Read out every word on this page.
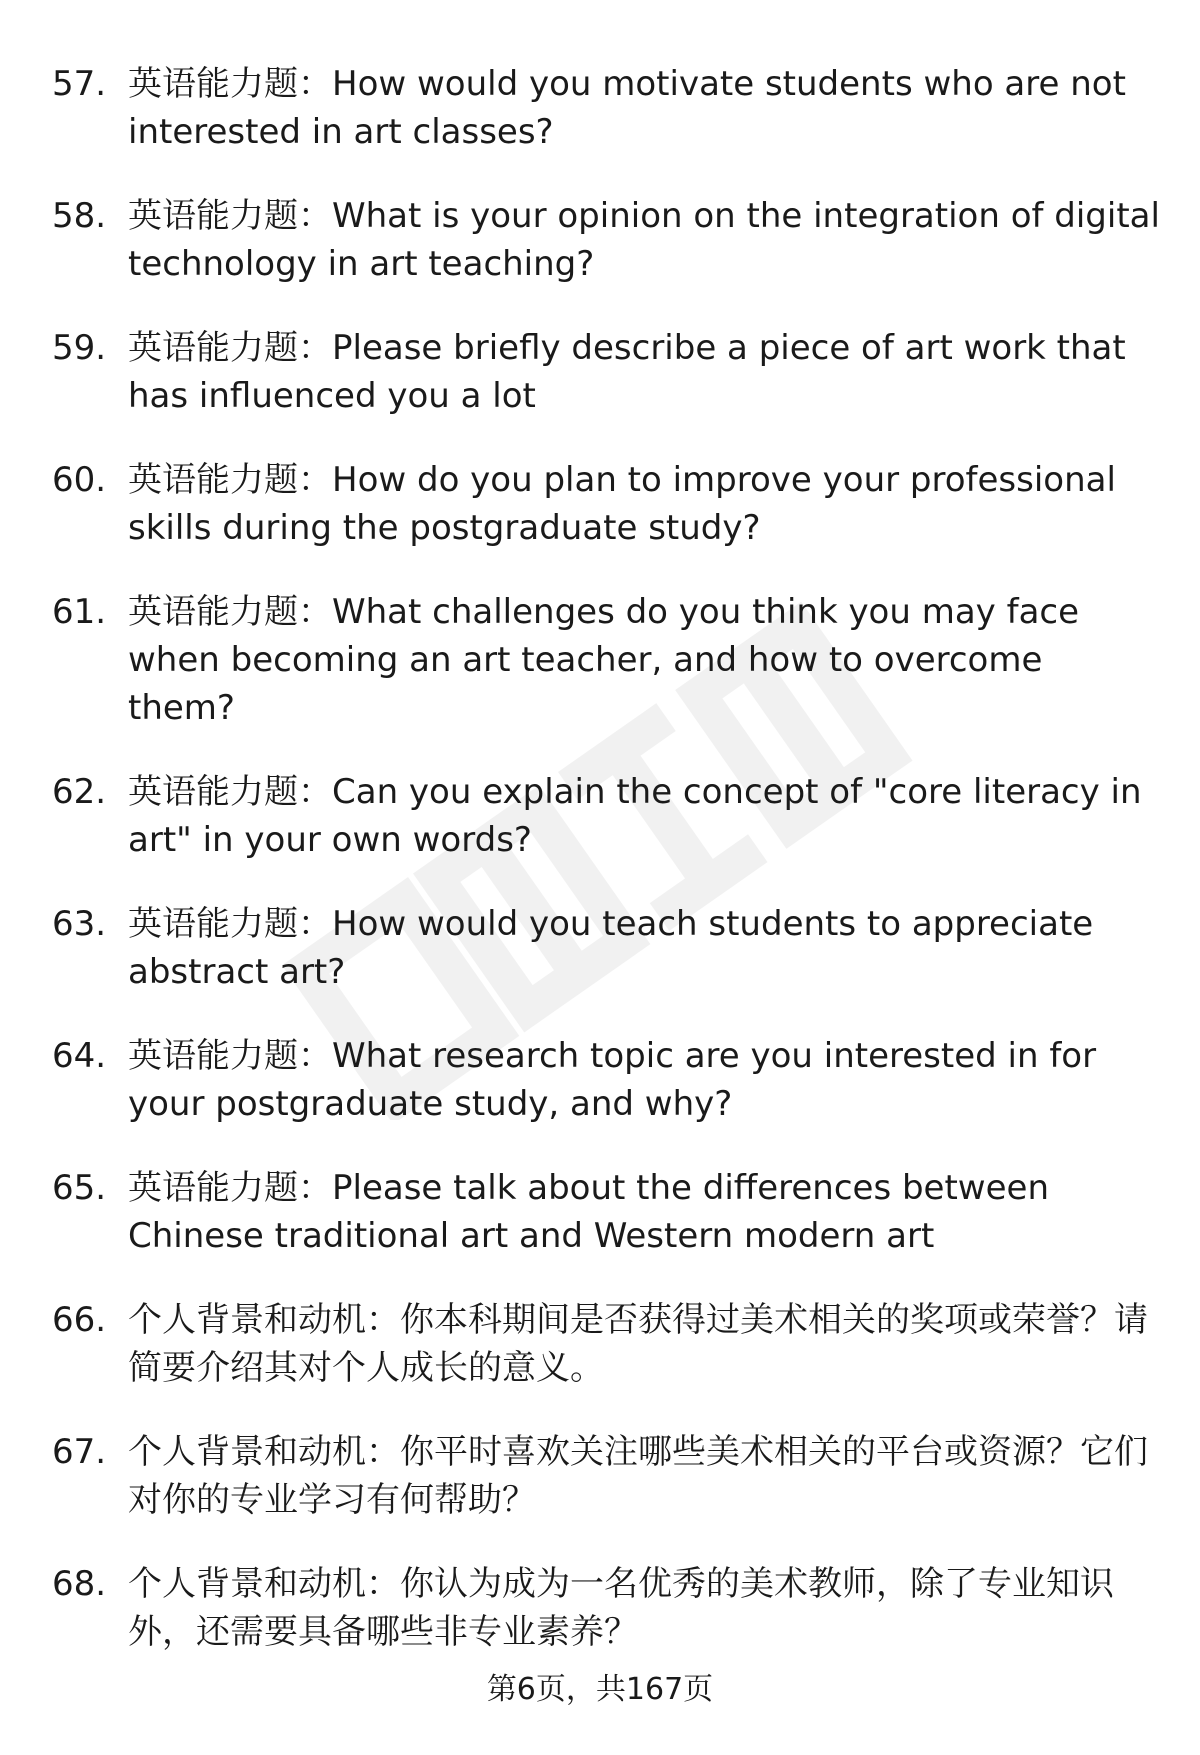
57. 英语能力题：How would you motivate students who are not interested in art classes?
58. 英语能力题：What is your opinion on the integration of digital technology in art teaching?
59. 英语能力题：Please briefly describe a piece of art work that has influenced you a lot
60. 英语能力题：How do you plan to improve your professional skills during the postgraduate study?
61. 英语能力题：What challenges do you think you may face when becoming an art teacher, and how to overcome them?
62. 英语能力题：Can you explain the concept of "core literacy in art" in your own words?
63. 英语能力题：How would you teach students to appreciate abstract art?
64. 英语能力题：What research topic are you interested in for your postgraduate study, and why?
65. 英语能力题：Please talk about the differences between Chinese traditional art and Western modern art
66. 个人背景和动机：你本科期间是否获得过美术相关的奖项或荣誉？请简要介绍其对个人成长的意义。
67. 个人背景和动机：你平时喜欢关注哪些美术相关的平台或资源？它们对你的专业学习有何帮助？
68. 个人背景和动机：你认为成为一名优秀的美术教师，除了专业知识外，还需要具备哪些非专业素养？
第6页，共167页
